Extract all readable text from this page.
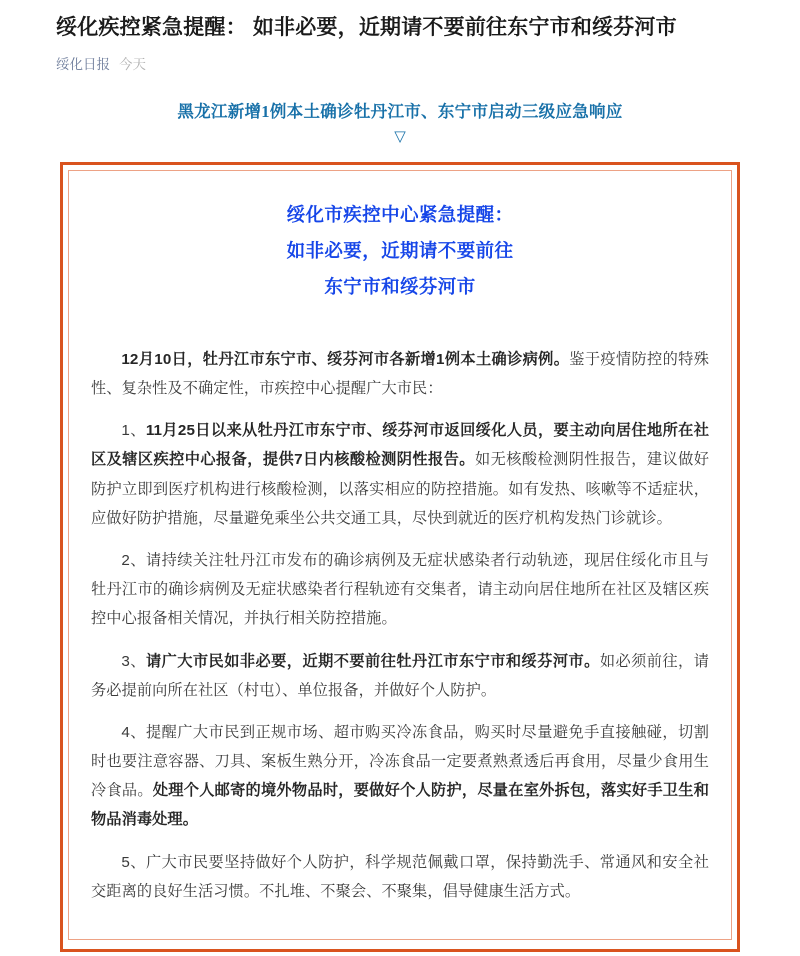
绥化疾控紧急提醒： 如非必要，近期请不要前往东宁市和绥芬河市
绥化日报 今天
黑龙江新增1例本土确诊牡丹江市、东宁市启动三级应急响应
▽
绥化市疾控中心紧急提醒：
如非必要，近期请不要前往
东宁市和绥芬河市

12月10日，牡丹江市东宁市、绥芬河市各新增1例本土确诊病例。鉴于疫情防控的特殊性、复杂性及不确定性，市疾控中心提醒广大市民：

1、11月25日以来从牡丹江市东宁市、绥芬河市返回绥化人员，要主动向居住地所在社区及辖区疾控中心报备，提供7日内核酸检测阴性报告。如无核酸检测阴性报告，建议做好防护立即到医疗机构进行核酸检测，以落实相应的防控措施。如有发热、咳嗽等不适症状，应做好防护措施，尽量避免乘坐公共交通工具，尽快到就近的医疗机构发热门诊就诊。

2、请持续关注牡丹江市发布的确诊病例及无症状感染者行动轨迹，现居住绥化市且与牡丹江市的确诊病例及无症状感染者行程轨迹有交集者，请主动向居住地所在社区及辖区疾控中心报备相关情况，并执行相关防控措施。

3、请广大市民如非必要，近期不要前往牡丹江市东宁市和绥芬河市。如必须前往，请务必提前向所在社区（村屯）、单位报备，并做好个人防护。

4、提醒广大市民到正规市场、超市购买冷冻食品，购买时尽量避免手直接触碰，切割时也要注意容器、刀具、案板生熟分开，冷冻食品一定要煮熟煮透后再食用，尽量少食用生冷食品。处理个人邮寄的境外物品时，要做好个人防护，尽量在室外拆包，落实好手卫生和物品消毒处理。

5、广大市民要坚持做好个人防护，科学规范佩戴口罩，保持勤洗手、常通风和安全社交距离的良好生活习惯。不扎堆、不聚会、不聚集，倡导健康生活方式。
